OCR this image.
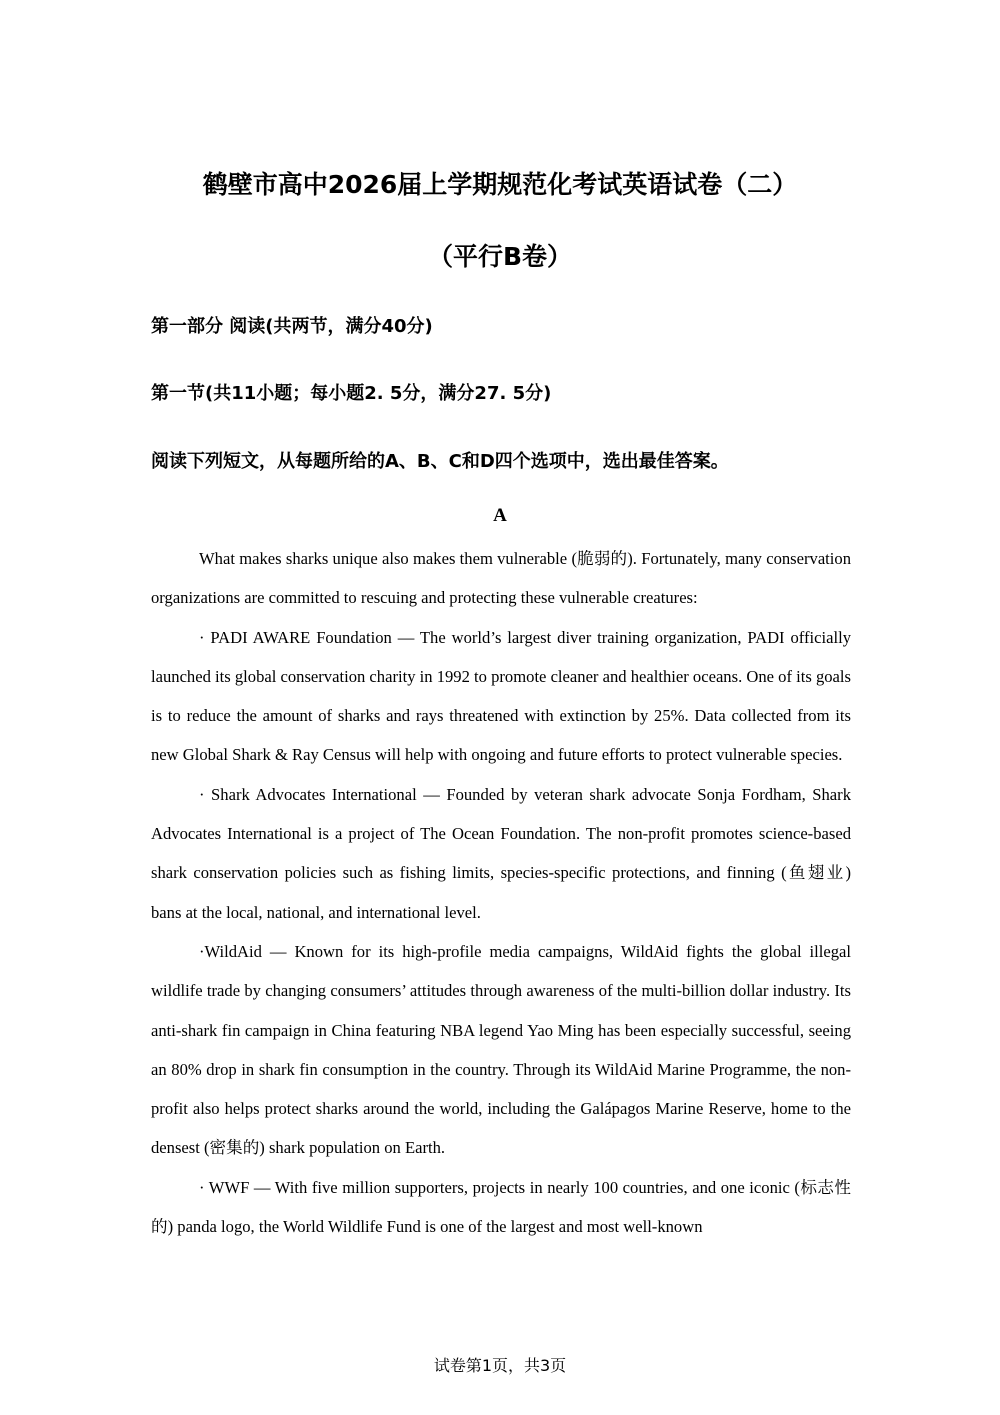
鹤壁市高中2026届上学期规范化考试英语试卷（二）
（平行B卷）
第一部分 阅读(共两节，满分40分)
第一节(共11小题；每小题2. 5分，满分27. 5分)
阅读下列短文，从每题所给的A、B、C和D四个选项中，选出最佳答案。
A

What makes sharks unique also makes them vulnerable (脆弱的). Fortunately, many conservation organizations are committed to rescuing and protecting these vulnerable creatures:

· PADI AWARE Foundation — The world’s largest diver training organization, PADI officially launched its global conservation charity in 1992 to promote cleaner and healthier oceans. One of its goals is to reduce the amount of sharks and rays threatened with extinction by 25%. Data collected from its new Global Shark & Ray Census will help with ongoing and future efforts to protect vulnerable species.

· Shark Advocates International — Founded by veteran shark advocate Sonja Fordham, Shark Advocates International is a project of The Ocean Foundation. The non-profit promotes science-based shark conservation policies such as fishing limits, species-specific protections, and finning (鱼翅业) bans at the local, national, and international level.

·WildAid — Known for its high-profile media campaigns, WildAid fights the global illegal wildlife trade by changing consumers’ attitudes through awareness of the multi-billion dollar industry. Its anti-shark fin campaign in China featuring NBA legend Yao Ming has been especially successful, seeing an 80% drop in shark fin consumption in the country. Through its WildAid Marine Programme, the non-profit also helps protect sharks around the world, including the Galápagos Marine Reserve, home to the densest (密集的) shark population on Earth.

· WWF — With five million supporters, projects in nearly 100 countries, and one iconic (标志性的) panda logo, the World Wildlife Fund is one of the largest and most well-known

试卷第1页，共3页
